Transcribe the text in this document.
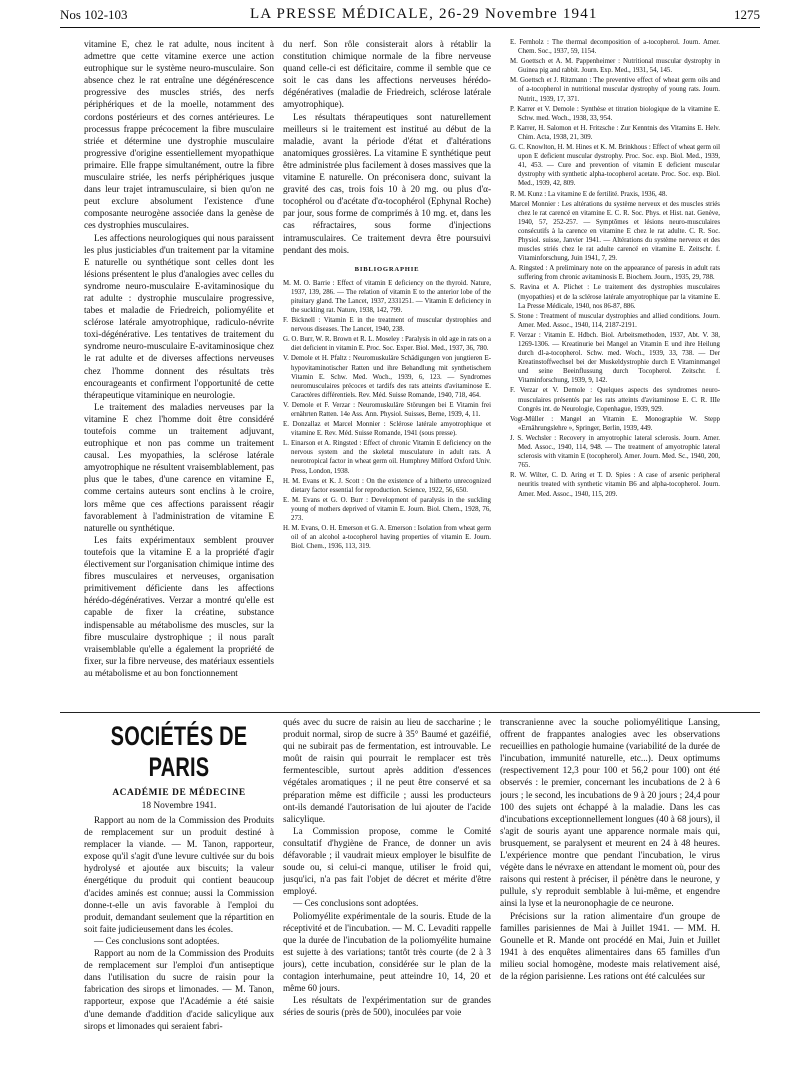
Nos 102-103	LA PRESSE MÉDICALE, 26-29 Novembre 1941	1275

vitamine E, chez le rat adulte, nous incitent à admettre que cette vitamine exerce une action eutrophique sur le système neuro-musculaire. Son absence chez le rat entraîne une dégénérescence progressive des muscles striés, des nerfs périphériques et de la moelle, notamment des cordons postérieurs et des cornes antérieures. Le processus frappe précocement la fibre musculaire striée et détermine une dystrophie musculaire progressive d'origine essentiellement myopathique primaire. Elle frappe simultanément, outre la fibre musculaire striée, les nerfs périphériques jusque dans leur trajet intramusculaire, si bien qu'on ne peut exclure absolument l'existence d'une composante neurogène associée dans la genèse de ces dystrophies musculaires.

Les affections neurologiques qui nous paraissent les plus justiciables d'un traitement par la vitamine E naturelle ou synthétique sont celles dont les lésions présentent le plus d'analogies avec celles du syndrome neuro-musculaire E-avitaminosique du rat adulte : dystrophie musculaire progressive, tabes et maladie de Friedreich, poliomyélite et sclérose latérale amyotrophique, radiculo-névrite toxi-dégénérative. Les tentatives de traitement du syndrome neuro-musculaire E-avitaminosique chez le rat adulte et de diverses affections nerveuses chez l'homme donnent des résultats très encourageants et confirment l'opportunité de cette thérapeutique vitaminique en neurologie.

Le traitement des maladies nerveuses par la vitamine E chez l'homme doit être considéré toutefois comme un traitement adjuvant, eutrophique et non pas comme un traitement causal. Les myopathies, la sclérose latérale amyotrophique ne résultent vraisemblablement, pas plus que le tabes, d'une carence en vitamine E, comme certains auteurs sont enclins à le croire, lors même que ces affections paraissent réagir favorablement à l'administration de vitamine E naturelle ou synthétique.

Les faits expérimentaux semblent prouver toutefois que la vitamine E a la propriété d'agir électivement sur l'organisation chimique intime des fibres musculaires et nerveuses, organisation primitivement déficiente dans les affections hérédo-dégénératives. Verzar a montré qu'elle est capable de fixer la créatine, substance indispensable au métabolisme des muscles, sur la fibre musculaire dystrophique ; il nous paraît vraisemblable qu'elle a également la propriété de fixer, sur la fibre nerveuse, des matériaux essentiels au métabolisme et au bon fonctionnement

du nerf. Son rôle consisterait alors à rétablir la constitution chimique normale de la fibre nerveuse quand celle-ci est déficitaire, comme il semble que ce soit le cas dans les affections nerveuses hérédo-dégénératives (maladie de Friedreich, sclérose latérale amyotrophique).

Les résultats thérapeutiques sont naturellement meilleurs si le traitement est institué au début de la maladie, avant la période d'état et d'altérations anatomiques grossières. La vitamine E synthétique peut être administrée plus facilement à doses massives que la vitamine E naturelle. On préconisera donc, suivant la gravité des cas, trois fois 10 à 20 mg. ou plus d'α-tocophérol ou d'acétate d'α-tocophérol (Ephynal Roche) par jour, sous forme de comprimés à 10 mg. et, dans les cas réfractaires, sous forme d'injections intramusculaires. Ce traitement devra être poursuivi pendant des mois.

BIBLIOGRAPHIE
M. M. O. Barrie : Effect of vitamin E deficiency on the thyroid. Nature, 1937, 139, 286. — The relation of vitamin E to the anterior lobe of the pituitary gland. The Lancet, 1937, 2331251. — Vitamin E deficiency in the suckling rat. Nature, 1938, 142, 799.
F. Bicknell : Vitamin E in the treatment of muscular dystrophies and nervous diseases. The Lancet, 1940, 238.
G. O. Burr, W. R. Brown et R. L. Moseley : Paralysis in old age in rats on a diet deficient in vitamin E. Proc. Soc. Exper. Biol. Med., 1937, 36, 780.
V. Demole et H. Pfaltz : Neuromuskuläre Schädigungen von jungtieren E-hypovitaminotischer Ratten und ihre Behandlung mit synthetischem Vitamin E. Schw. Med. Woch., 1939, 6, 123. — Syndromes neuromusculaires précoces et tardifs des rats atteints d'avitaminose E. Caractères différentiels. Rev. Méd. Suisse Romande, 1940, 718, 464.
V. Demole et F. Verzar : Neuromuskuläre Störungen bei E Vitamin frei ernährten Ratten. 14e Ass. Ann. Physiol. Suisses, Berne, 1939, 4, 11.
E. Donzallaz et Marcel Monnier : Sclérose latérale amyotrophique et vitamine E. Rev. Méd. Suisse Romande, 1941 (sous presse).
L. Einarson et A. Ringsted : Effect of chronic Vitamin E deficiency on the nervous system and the skeletal musculature in adult rats. A neurotropical factor in wheat germ oil. Humphrey Milford Oxford Univ. Press, London, 1938.
H. M. Evans et K. J. Scott : On the existence of a hitherto unrecognized dietary factor essential for reproduction. Science, 1922, 56, 650.
E. M. Evans et G. O. Burr : Development of paralysis in the suckling young of mothers deprived of vitamin E. Journ. Biol. Chem., 1928, 76, 273.
H. M. Evans, O. H. Emerson et G. A. Emerson : Isolation from wheat germ oil of an alcohol a-tocopherol having properties of vitamin E. Journ. Biol. Chem., 1936, 113, 319.
E. Fernholz : The thermal decomposition of a-tocopherol. Journ. Amer. Chem. Soc., 1937, 59, 1154.
M. Goettsch et A. M. Pappenheimer : Nutritional muscular dystrophy in Guinea pig and rabbit. Journ. Exp. Med., 1931, 54, 145.
M. Goettsch et J. Ritzmann : The preventive effect of wheat germ oils and of a-tocopherol in nutritional muscular dystrophy of young rats. Journ. Nutrit., 1939, 17, 371.
P. Karrer et V. Demole : Synthèse et titration biologique de la vitamine E. Schw. med. Woch., 1938, 33, 954.
P. Karrer, H. Salomon et H. Fritzsche : Zur Kenntnis des Vitamins E. Helv. Chim. Acta, 1938, 21, 309.
G. C. Knowlton, H. M. Hines et K. M. Brinkhous : Effect of wheat germ oil upon E deficient muscular dystrophy. Proc. Soc. exp. Biol. Med., 1939, 41, 453. — Cure and prevention of vitamin E deficient muscular dystrophy with synthetic alpha-tocopherol acetate. Proc. Soc. exp. Biol. Med., 1939, 42, 809.
R. M. Kunz : La vitamine E de fertilité. Praxis, 1936, 48.
Marcel Monnier : Les altérations du système nerveux et des muscles striés chez le rat carencé en vitamine E. C. R. Soc. Phys. et Hist. nat. Genève, 1940, 57, 252-257. — Symptômes et lésions neuro-musculaires consécutifs à la carence en vitamine E chez le rat adulte. C. R. Soc. Physiol. suisse, Janvier 1941. — Altérations du système nerveux et des muscles striés chez le rat adulte carencé en vitamine E. Zeitschr. f. Vitaminforschung, Juin 1941, 7, 29.
A. Ringsted : A preliminary note on the appearance of paresis in adult rats suffering from chronic avitaminosis E. Biochem. Journ., 1935, 29, 788.
S. Ravina et A. Plichet : Le traitement des dystrophies musculaires (myopathies) et de la sclérose latérale amyotrophique par la vitamine E. La Presse Médicale, 1940, nos 86-87, 886.
S. Stone : Treatment of muscular dystrophies and allied conditions. Journ. Amer. Med. Assoc., 1940, 114, 2187-2191.
F. Verzar : Vitamin E. Hdbch. Biol. Arbeitsmethoden, 1937, Abt. V. 38, 1269-1306. — Kreatinurie bei Mangel an Vitamin E und ihre Heilung durch dl-a-tocopherol. Schw. med. Woch., 1939, 33, 738. — Der Kreatinstoffwechsel bei der Muskeldystrophie durch E Vitaminmangel und seine Beeinflussung durch Tocopherol. Zeitschr. f. Vitaminforschung, 1939, 9, 142.
F. Verzar et V. Demole : Quelques aspects des syndromes neuro-musculaires présentés par les rats atteints d'avitaminose E. C. R. IIIe Congrès int. de Neurologie, Copenhague, 1939, 929.
Vogt-Müller : Mangel an Vitamin E. Monographie W. Stepp «Ernährungslehre », Springer, Berlin, 1939, 449.
J. S. Wechsler : Recovery in amyotrophic lateral sclerosis. Journ. Amer. Med. Assoc., 1940, 114, 948. — The treatment of amyotrophic lateral sclerosis with vitamin E (tocopherol). Amer. Journ. Med. Sc., 1940, 200, 765.
R. W. Wilter, C. D. Aring et T. D. Spies : A case of arsenic peripheral neuritis treated with synthetic vitamin B6 and alpha-tocopherol. Journ. Amer. Med. Assoc., 1940, 115, 209.
SOCIÉTÉS DE PARIS
ACADÉMIE DE MÉDECINE
18 Novembre 1941.

Rapport au nom de la Commission des Produits de remplacement sur un produit destiné à remplacer la viande. — M. Tanon, rapporteur, expose qu'il s'agit d'une levure cultivée sur du bois hydrolysé et ajoutée aux biscuits; la valeur énergétique du produit qui contient beaucoup d'acides aminés est connue; aussi la Commission donne-t-elle un avis favorable à l'emploi du produit, demandant seulement que la répartition en soit faite judicieusement dans les écoles.

— Ces conclusions sont adoptées.

Rapport au nom de la Commission des Produits de remplacement sur l'emploi d'un antiseptique dans l'utilisation du sucre de raisin pour la fabrication des sirops et limonades. — M. Tanon, rapporteur, expose que l'Académie a été saisie d'une demande d'addition d'acide salicylique aux sirops et limonades qui seraient fabri-

qués avec du sucre de raisin au lieu de saccharine ; le produit normal, sirop de sucre à 35° Baumé et gazéifié, qui ne subirait pas de fermentation, est introuvable. Le moût de raisin qui pourrait le remplacer est très fermentescible, surtout après addition d'essences végétales aromatiques ; il ne peut être conservé et sa préparation même est difficile ; aussi les producteurs ont-ils demandé l'autorisation de lui ajouter de l'acide salicylique.

La Commission propose, comme le Comité consultatif d'hygiène de France, de donner un avis défavorable ; il vaudrait mieux employer le bisulfite de soude ou, si celui-ci manque, utiliser le froid qui, jusqu'ici, n'a pas fait l'objet de décret et mérite d'être employé.

— Ces conclusions sont adoptées.

Poliomyélite expérimentale de la souris. Etude de la réceptivité et de l'incubation. — M. C. Levaditi rappelle que la durée de l'incubation de la poliomyélite humaine est sujette à des variations; tantôt très courte (de 2 à 3 jours), cette incubation, considérée sur le plan de la contagion interhumaine, peut atteindre 10, 14, 20 et même 60 jours.

Les résultats de l'expérimentation sur de grandes séries de souris (près de 500), inoculées par voie

transcranienne avec la souche poliomyélitique Lansing, offrent de frappantes analogies avec les observations recueillies en pathologie humaine (variabilité de la durée de l'incubation, immunité naturelle, etc...). Deux optimums (respectivement 12,3 pour 100 et 56,2 pour 100) ont été observés : le premier, concernant les incubations de 2 à 6 jours ; le second, les incubations de 9 à 20 jours ; 24,4 pour 100 des sujets ont échappé à la maladie. Dans les cas d'incubations exceptionnellement longues (40 à 68 jours), il s'agit de souris ayant une apparence normale mais qui, brusquement, se paralysent et meurent en 24 à 48 heures. L'expérience montre que pendant l'incubation, le virus végète dans le névraxe en attendant le moment où, pour des raisons qui restent à préciser, il pénètre dans le neurone, y pullule, s'y reproduit semblable à lui-même, et engendre ainsi la lyse et la neuronophagie de ce neurone.

Précisions sur la ration alimentaire d'un groupe de familles parisiennes de Mai à Juillet 1941. — MM. H. Gounelle et R. Mande ont procédé en Mai, Juin et Juillet 1941 à des enquêtes alimentaires dans 65 familles d'un milieu social homogène, modeste mais relativement aisé, de la région parisienne. Les rations ont été calculées sur
